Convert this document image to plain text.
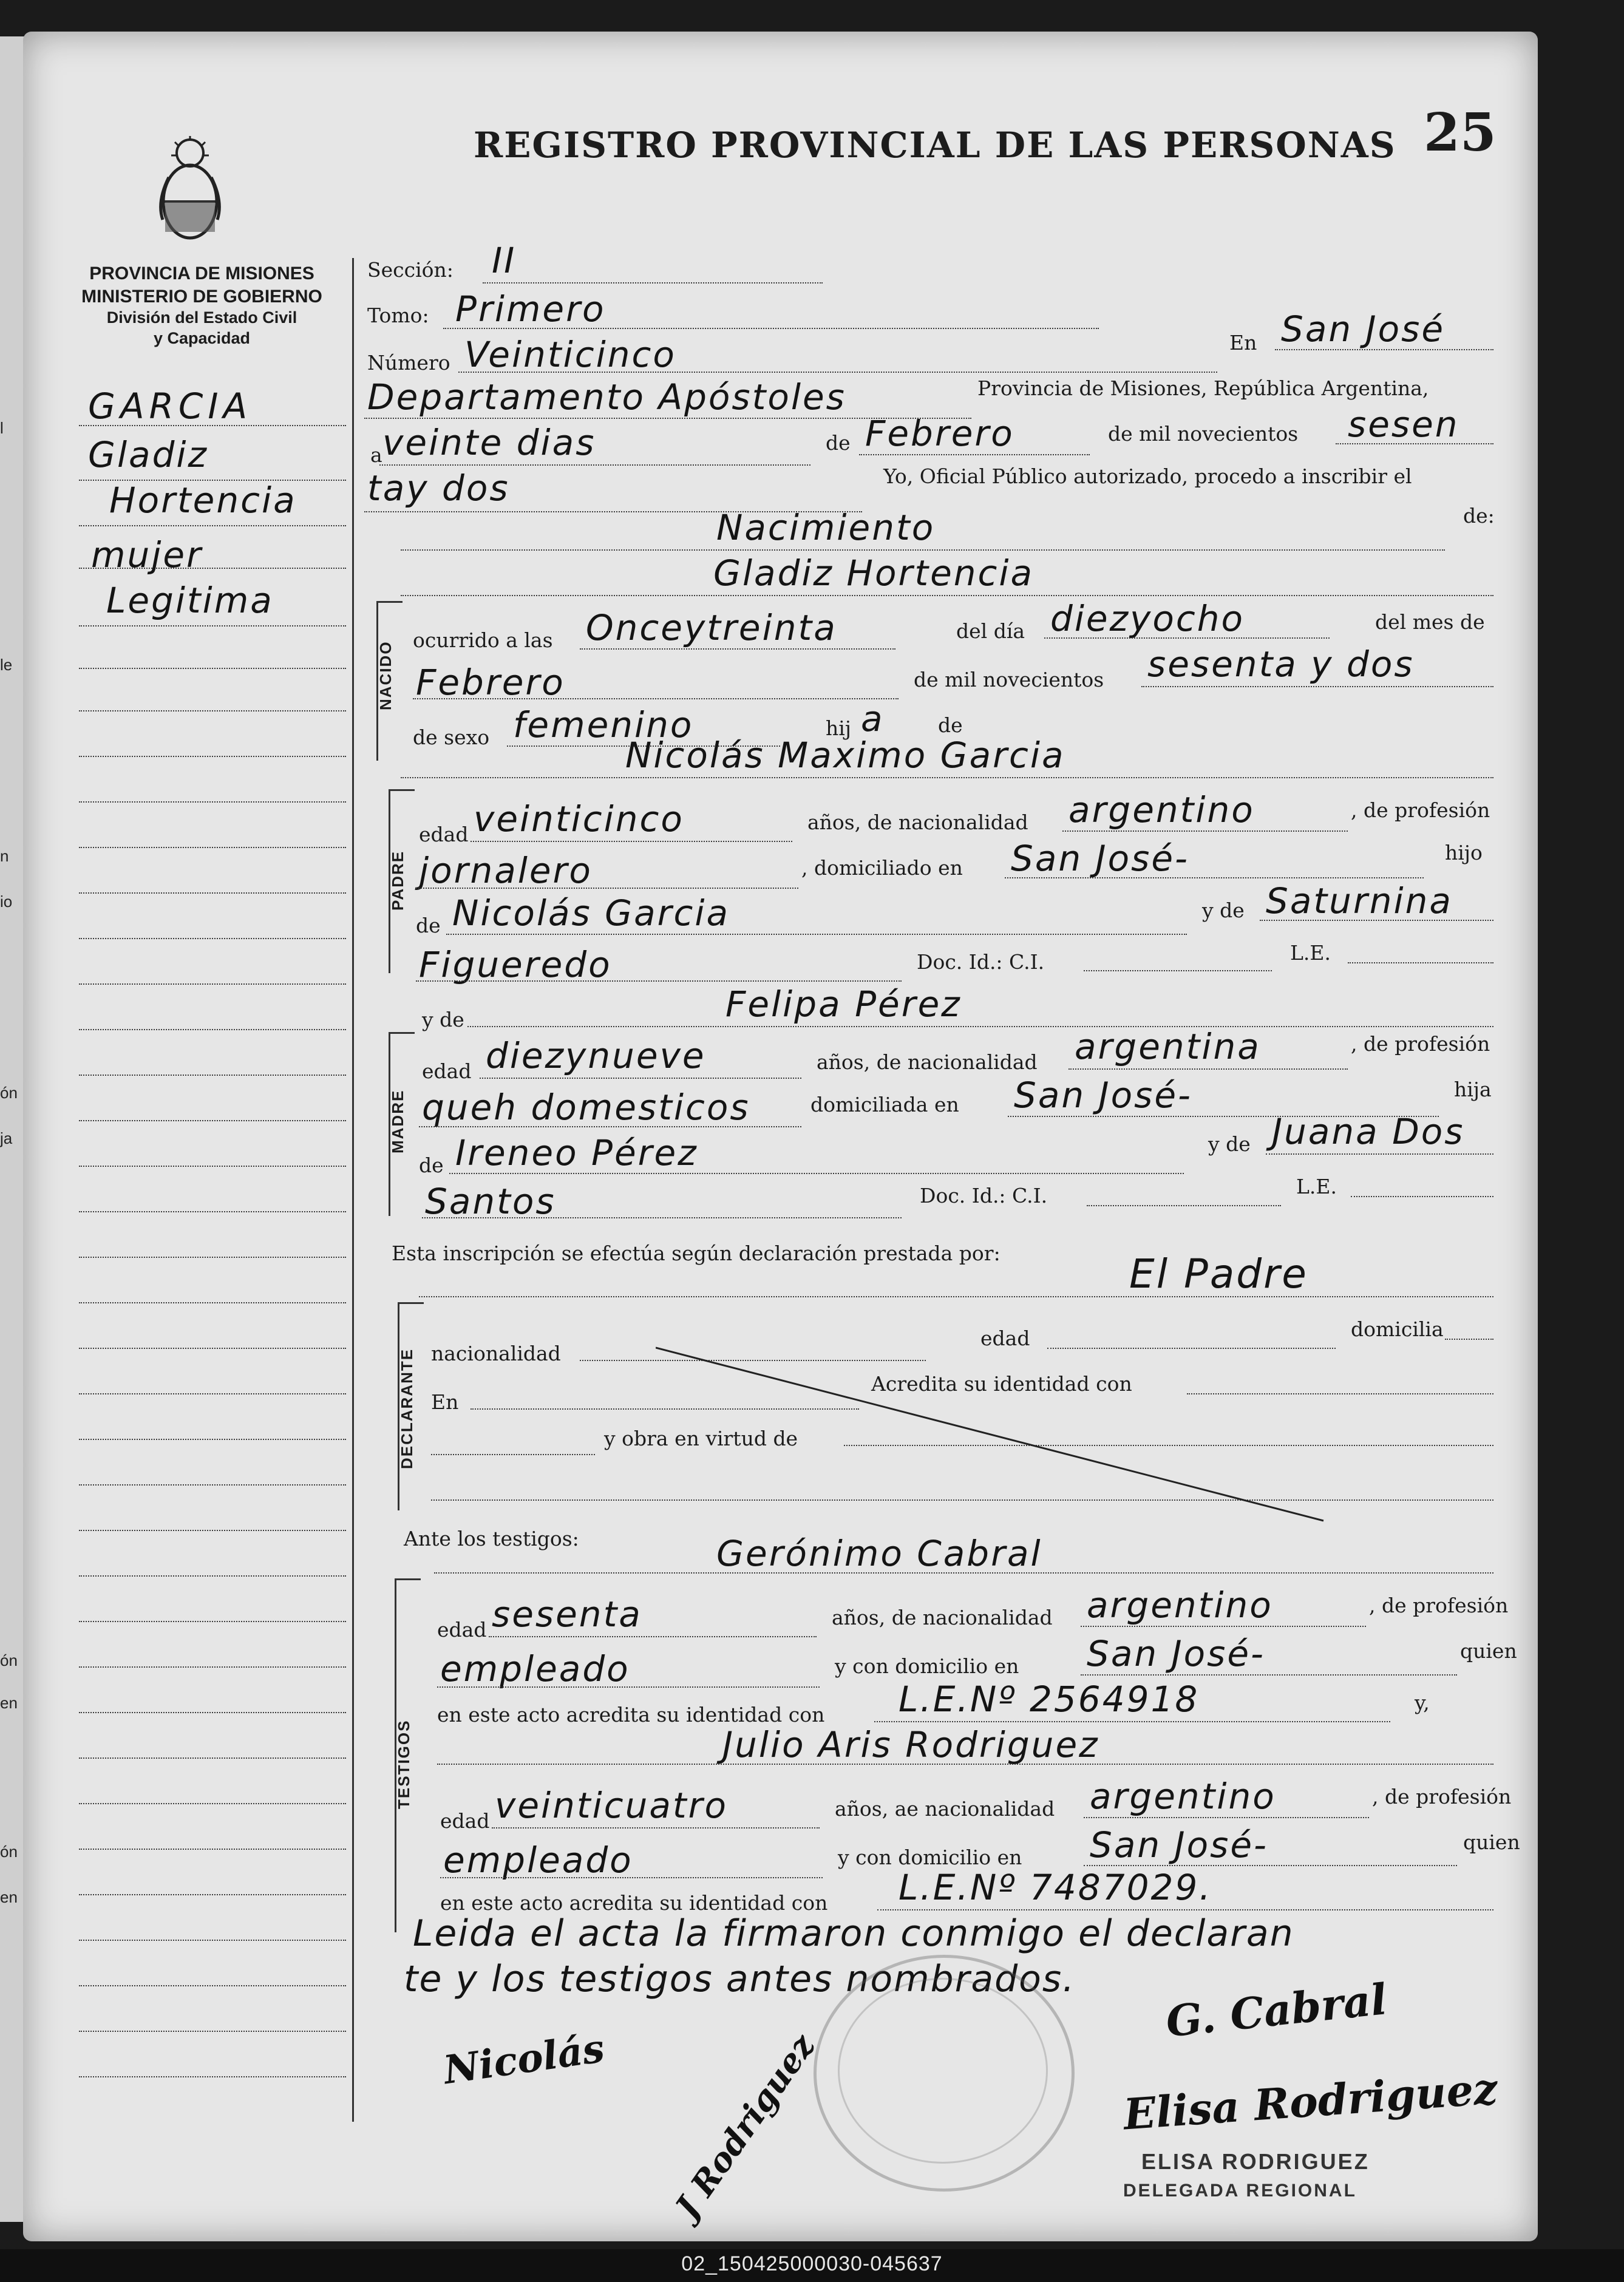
l
le
n
io
ón
ja
ón
en
ón
en
25
REGISTRO PROVINCIAL DE LAS PERSONAS
PROVINCIA DE MISIONES
MINISTERIO DE GOBIERNO
División del Estado Civil
y Capacidad
GARCIA
Gladiz
Hortencia
mujer
Legitima
Sección: II
Tomo: Primero
Número Veinticinco	En San José
Departamento Apóstoles	Provincia de Misiones, República Argentina,
a veinte dias	de Febrero	de mil novecientos sesen
tay dos	Yo, Oficial Público autorizado, procedo a inscribir el
Nacimiento	de:
Gladiz Hortencia
NACIDO
ocurrido a las Onceytreinta	del día diezyocho	del mes de
Febrero	de mil novecientos sesenta y dos
de sexo femenino	hij a	de
Nicolás Maximo Garcia
PADRE
edad veinticinco	años, de nacionalidad argentino	, de profesión
jornalero	, domiciliado en San José-	hijo
de Nicolás Garcia	y de Saturnina
Figueredo	Doc. Id.: C.I.	L.E.
y de	Felipa Pérez
MADRE
edad diezynueve	años, de nacionalidad argentina	, de profesión
queh domesticos	domiciliada en San José-	hija
de Ireneo Pérez	y de Juana Dos
Santos	Doc. Id.: C.I.	L.E.
Esta inscripción se efectúa según declaración prestada por:	El Padre
DECLARANTE nacionalidad
edad	domicilia
En
Acredita su identidad con
y obra en virtud de
Ante los testigos:	Gerónimo Cabral
TESTIGOS
edad sesenta	años, de nacionalidad argentino	, de profesión
empleado	y con domicilio en San José-	quien
en este acto acredita su identidad con L.E.Nº 2564918	y,
Julio Aris Rodriguez
edad veinticuatro	años, ae nacionalidad argentino	, de profesión
empleado	y con domicilio en San José-	quien
en este acto acredita su identidad con L.E.Nº 7487029.
Leida el acta la firmaron conmigo el declaran
te y los testigos antes nombrados.
Nicolás J Rodriguez
G. Cabral
Elisa Rodriguez
ELISA RODRIGUEZ
DELEGADA REGIONAL
02_150425000030-045637
